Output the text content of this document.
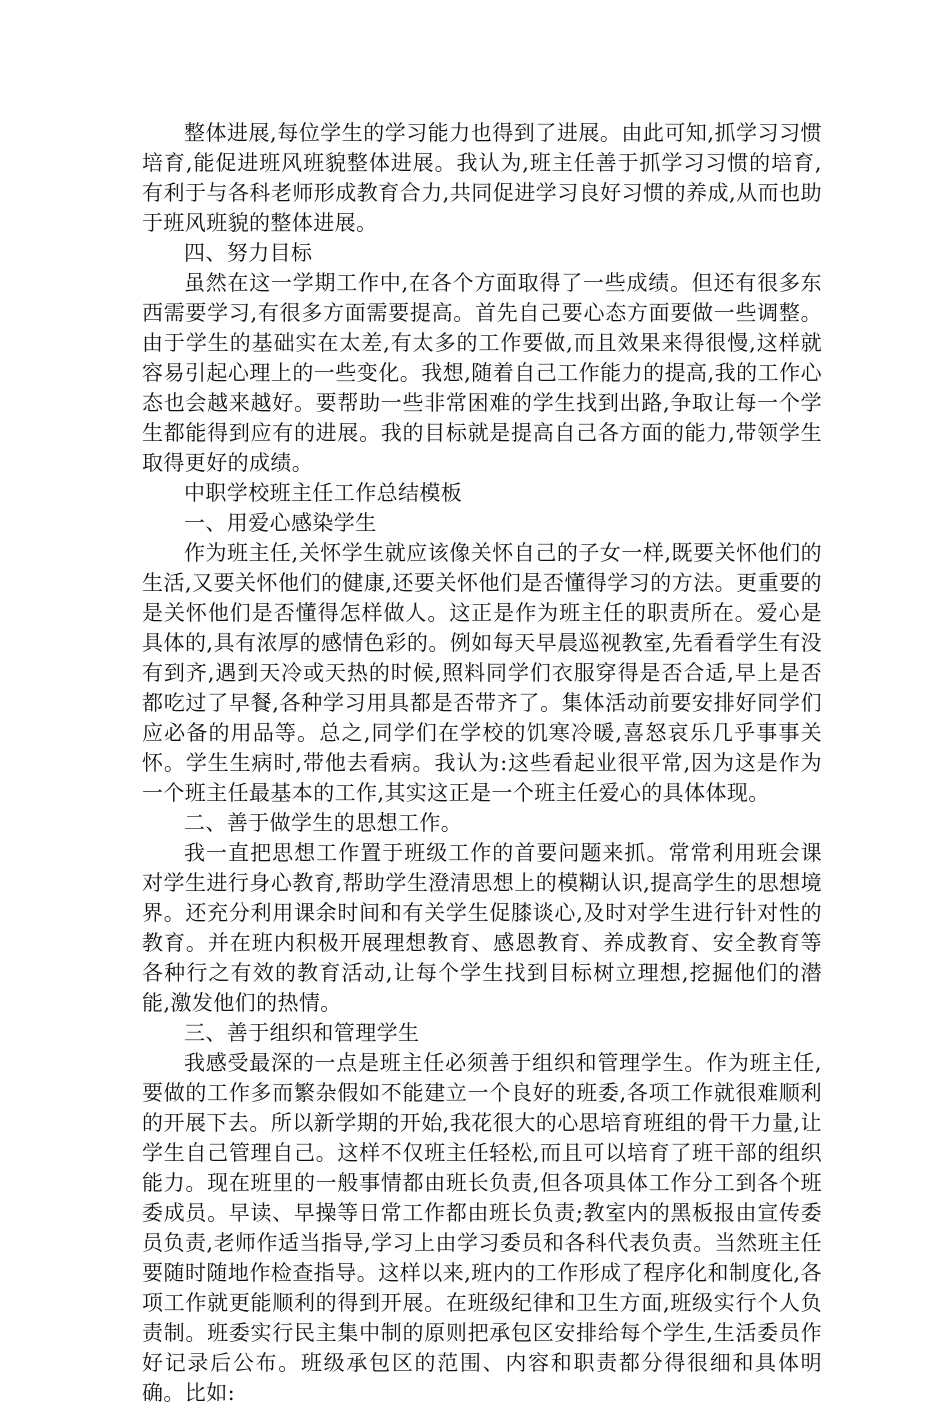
整体进展,每位学生的学习能力也得到了进展。由此可知,抓学习习惯培育,能促进班风班貌整体进展。我认为,班主任善于抓学习习惯的培育,有利于与各科老师形成教育合力,共同促进学习良好习惯的养成,从而也助于班风班貌的整体进展。

四、努力目标

虽然在这一学期工作中,在各个方面取得了一些成绩。但还有很多东西需要学习,有很多方面需要提高。首先自己要心态方面要做一些调整。由于学生的基础实在太差,有太多的工作要做,而且效果来得很慢,这样就容易引起心理上的一些变化。我想,随着自己工作能力的提高,我的工作心态也会越来越好。要帮助一些非常困难的学生找到出路,争取让每一个学生都能得到应有的进展。我的目标就是提高自己各方面的能力,带领学生取得更好的成绩。

中职学校班主任工作总结模板

一、用爱心感染学生

作为班主任,关怀学生就应该像关怀自己的子女一样,既要关怀他们的生活,又要关怀他们的健康,还要关怀他们是否懂得学习的方法。更重要的是关怀他们是否懂得怎样做人。这正是作为班主任的职责所在。爱心是具体的,具有浓厚的感情色彩的。例如每天早晨巡视教室,先看看学生有没有到齐,遇到天冷或天热的时候,照料同学们衣服穿得是否合适,早上是否都吃过了早餐,各种学习用具都是否带齐了。集体活动前要安排好同学们应必备的用品等。总之,同学们在学校的饥寒冷暖,喜怒哀乐几乎事事关怀。学生生病时,带他去看病。我认为:这些看起业很平常,因为这是作为一个班主任最基本的工作,其实这正是一个班主任爱心的具体体现。

二、善于做学生的思想工作。

我一直把思想工作置于班级工作的首要问题来抓。常常利用班会课对学生进行身心教育,帮助学生澄清思想上的模糊认识,提高学生的思想境界。还充分利用课余时间和有关学生促膝谈心,及时对学生进行针对性的教育。并在班内积极开展理想教育、感恩教育、养成教育、安全教育等各种行之有效的教育活动,让每个学生找到目标树立理想,挖掘他们的潜能,激发他们的热情。

三、善于组织和管理学生

我感受最深的一点是班主任必须善于组织和管理学生。作为班主任,要做的工作多而繁杂假如不能建立一个良好的班委,各项工作就很难顺利的开展下去。所以新学期的开始,我花很大的心思培育班组的骨干力量,让学生自己管理自己。这样不仅班主任轻松,而且可以培育了班干部的组织能力。现在班里的一般事情都由班长负责,但各项具体工作分工到各个班委成员。早读、早操等日常工作都由班长负责;教室内的黑板报由宣传委员负责,老师作适当指导,学习上由学习委员和各科代表负责。当然班主任要随时随地作检查指导。这样以来,班内的工作形成了程序化和制度化,各项工作就更能顺利的得到开展。在班级纪律和卫生方面,班级实行个人负责制。班委实行民主集中制的原则把承包区安排给每个学生,生活委员作好记录后公布。班级承包区的范围、内容和职责都分得很细和具体明确。比如:
